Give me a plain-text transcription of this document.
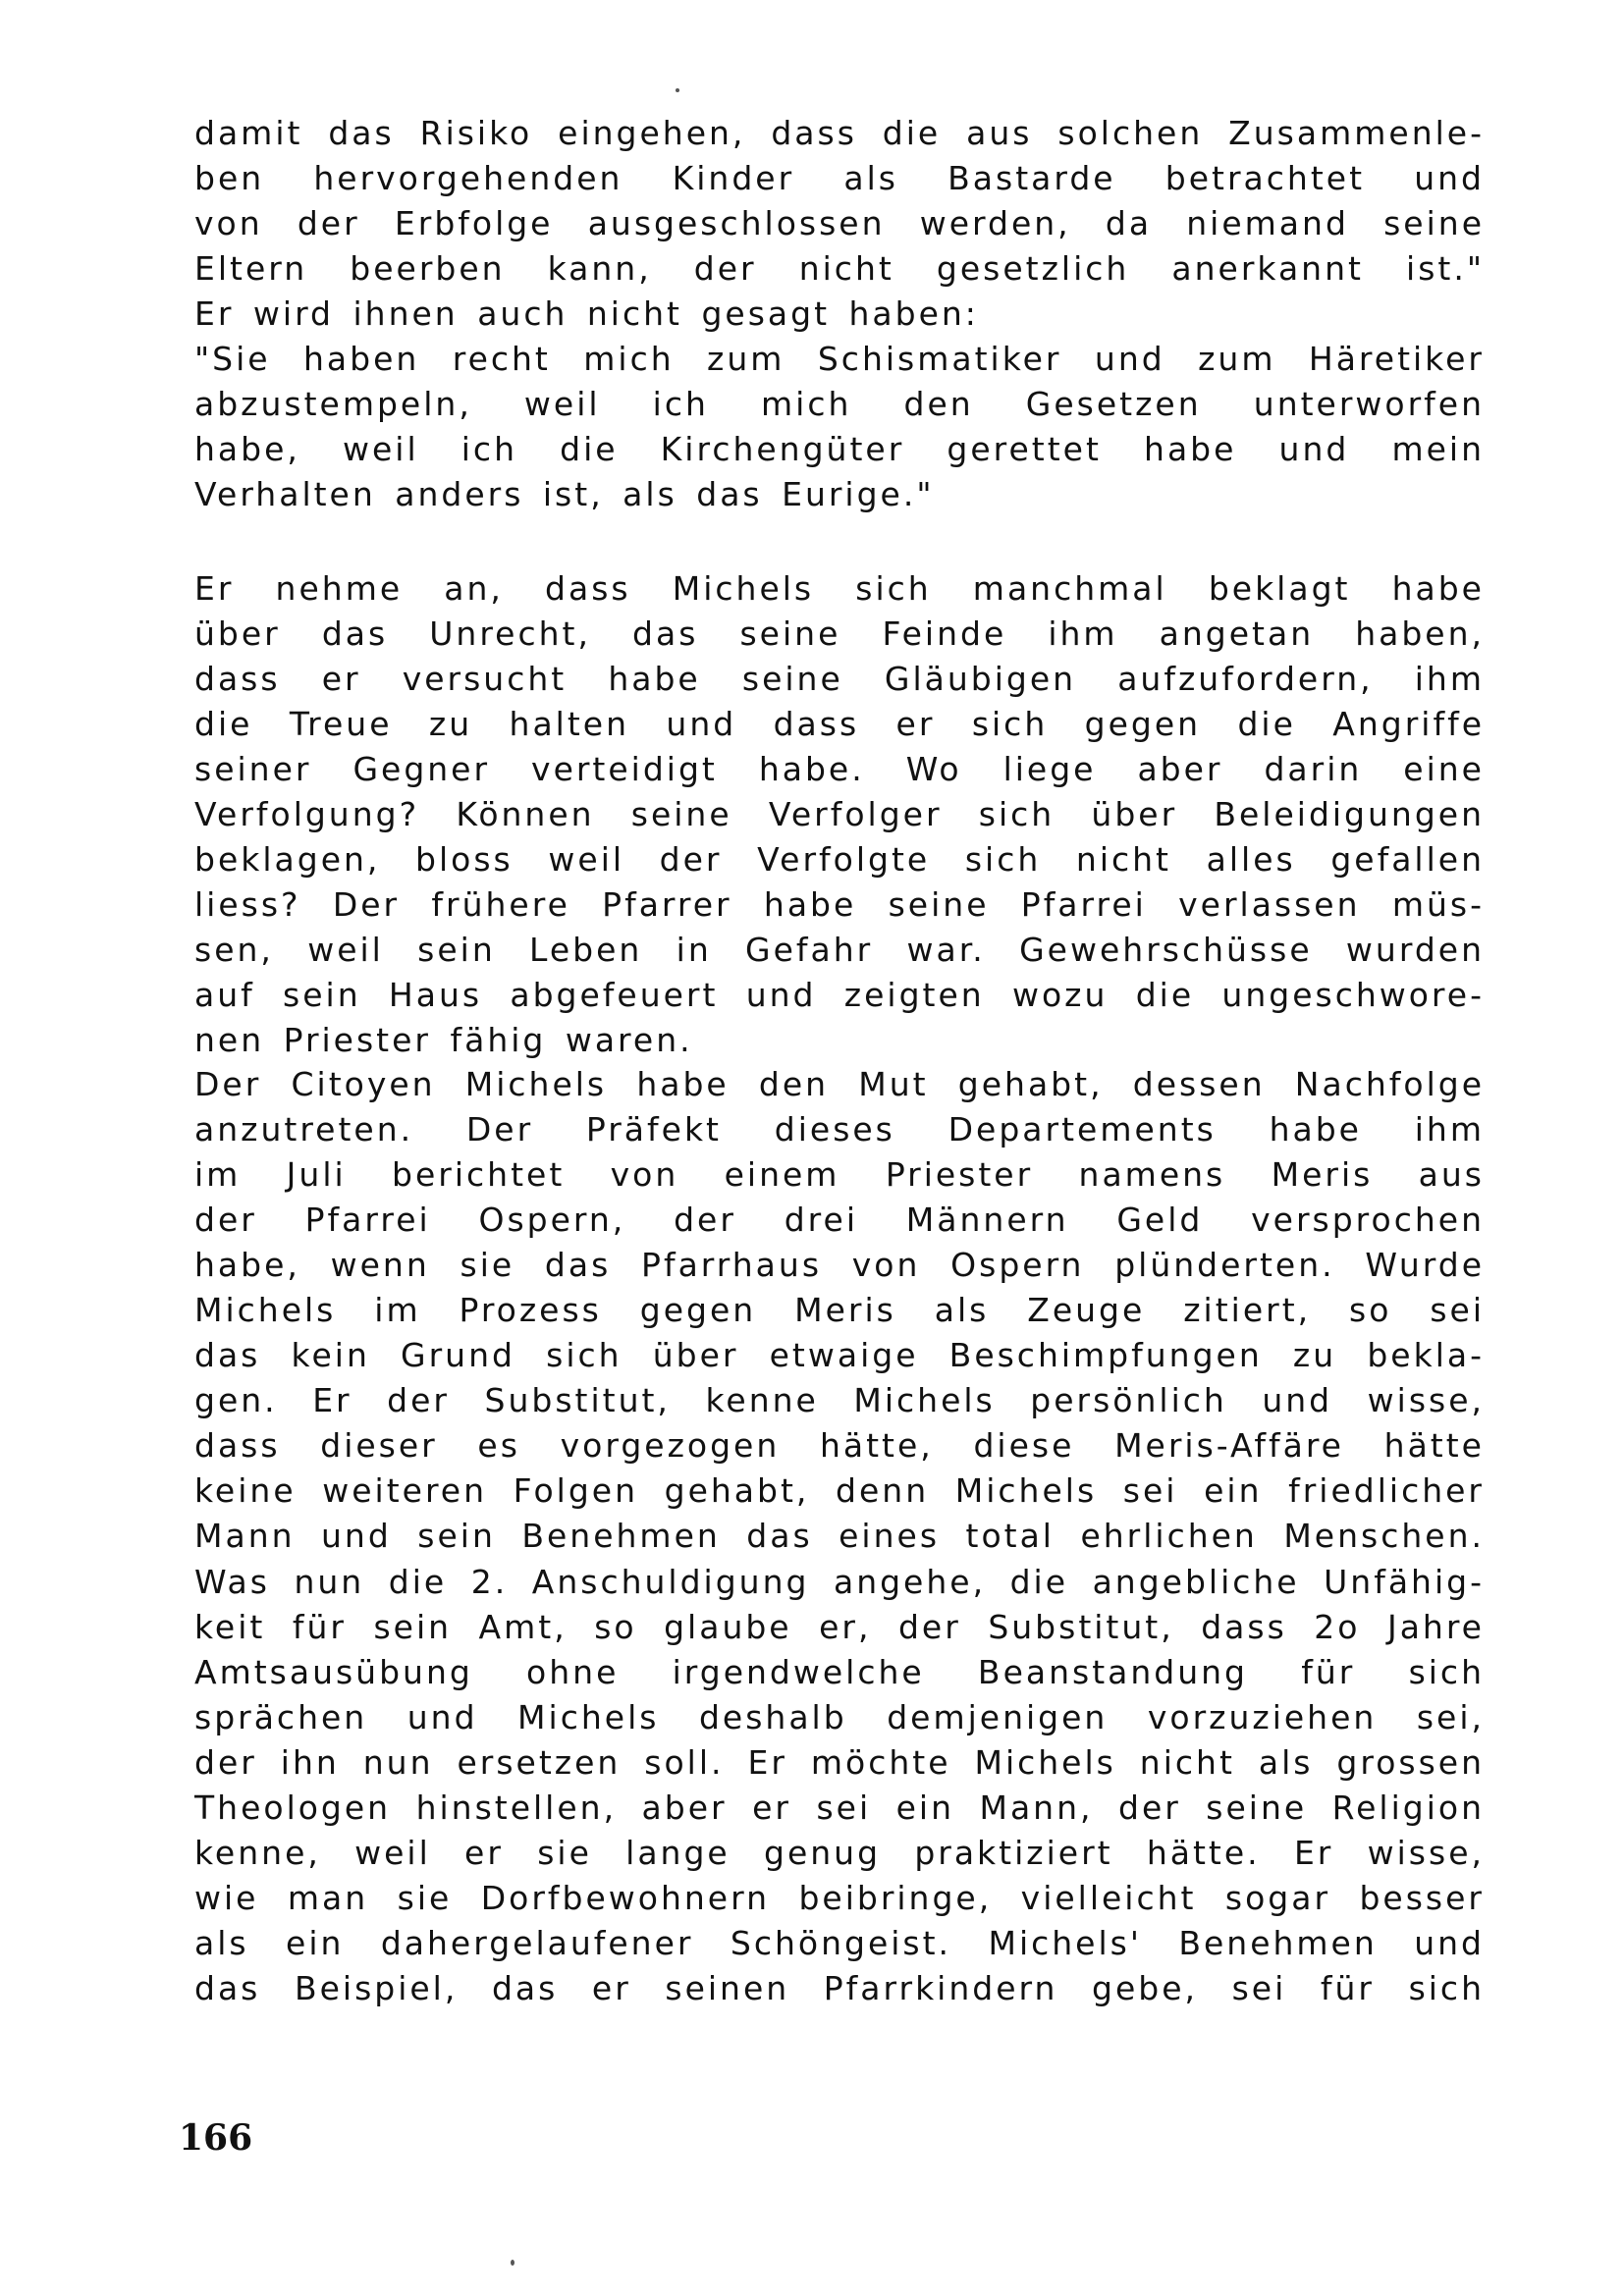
damit das Risiko eingehen, dass die aus solchen Zusammenle-
ben hervorgehenden Kinder als Bastarde betrachtet und
von der Erbfolge ausgeschlossen werden, da niemand seine
Eltern beerben kann, der nicht gesetzlich anerkannt ist."
Er wird ihnen auch nicht gesagt haben:
"Sie haben recht mich zum Schismatiker und zum Häretiker
abzustempeln, weil ich mich den Gesetzen unterworfen
habe, weil ich die Kirchengüter gerettet habe und mein
Verhalten anders ist, als das Eurige."
Er nehme an, dass Michels sich manchmal beklagt habe
über das Unrecht, das seine Feinde ihm angetan haben,
dass er versucht habe seine Gläubigen aufzufordern, ihm
die Treue zu halten und dass er sich gegen die Angriffe
seiner Gegner verteidigt habe. Wo liege aber darin eine
Verfolgung? Können seine Verfolger sich über Beleidigungen
beklagen, bloss weil der Verfolgte sich nicht alles gefallen
liess? Der frühere Pfarrer habe seine Pfarrei verlassen müs-
sen, weil sein Leben in Gefahr war. Gewehrschüsse wurden
auf sein Haus abgefeuert und zeigten wozu die ungeschwore-
nen Priester fähig waren.
Der Citoyen Michels habe den Mut gehabt, dessen Nachfolge
anzutreten. Der Präfekt dieses Departements habe ihm
im Juli berichtet von einem Priester namens Meris aus
der Pfarrei Ospern, der drei Männern Geld versprochen
habe, wenn sie das Pfarrhaus von Ospern plünderten. Wurde
Michels im Prozess gegen Meris als Zeuge zitiert, so sei
das kein Grund sich über etwaige Beschimpfungen zu bekla-
gen. Er der Substitut, kenne Michels persönlich und wisse,
dass dieser es vorgezogen hätte, diese Meris-Affäre hätte
keine weiteren Folgen gehabt, denn Michels sei ein friedlicher
Mann und sein Benehmen das eines total ehrlichen Menschen.
Was nun die 2. Anschuldigung angehe, die angebliche Unfähig-
keit für sein Amt, so glaube er, der Substitut, dass 2o Jahre
Amtsausübung ohne irgendwelche Beanstandung für sich
sprächen und Michels deshalb demjenigen vorzuziehen sei,
der ihn nun ersetzen soll. Er möchte Michels nicht als grossen
Theologen hinstellen, aber er sei ein Mann, der seine Religion
kenne, weil er sie lange genug praktiziert hätte. Er wisse,
wie man sie Dorfbewohnern beibringe, vielleicht sogar besser
als ein dahergelaufener Schöngeist. Michels' Benehmen und
das Beispiel, das er seinen Pfarrkindern gebe, sei für sich
166
